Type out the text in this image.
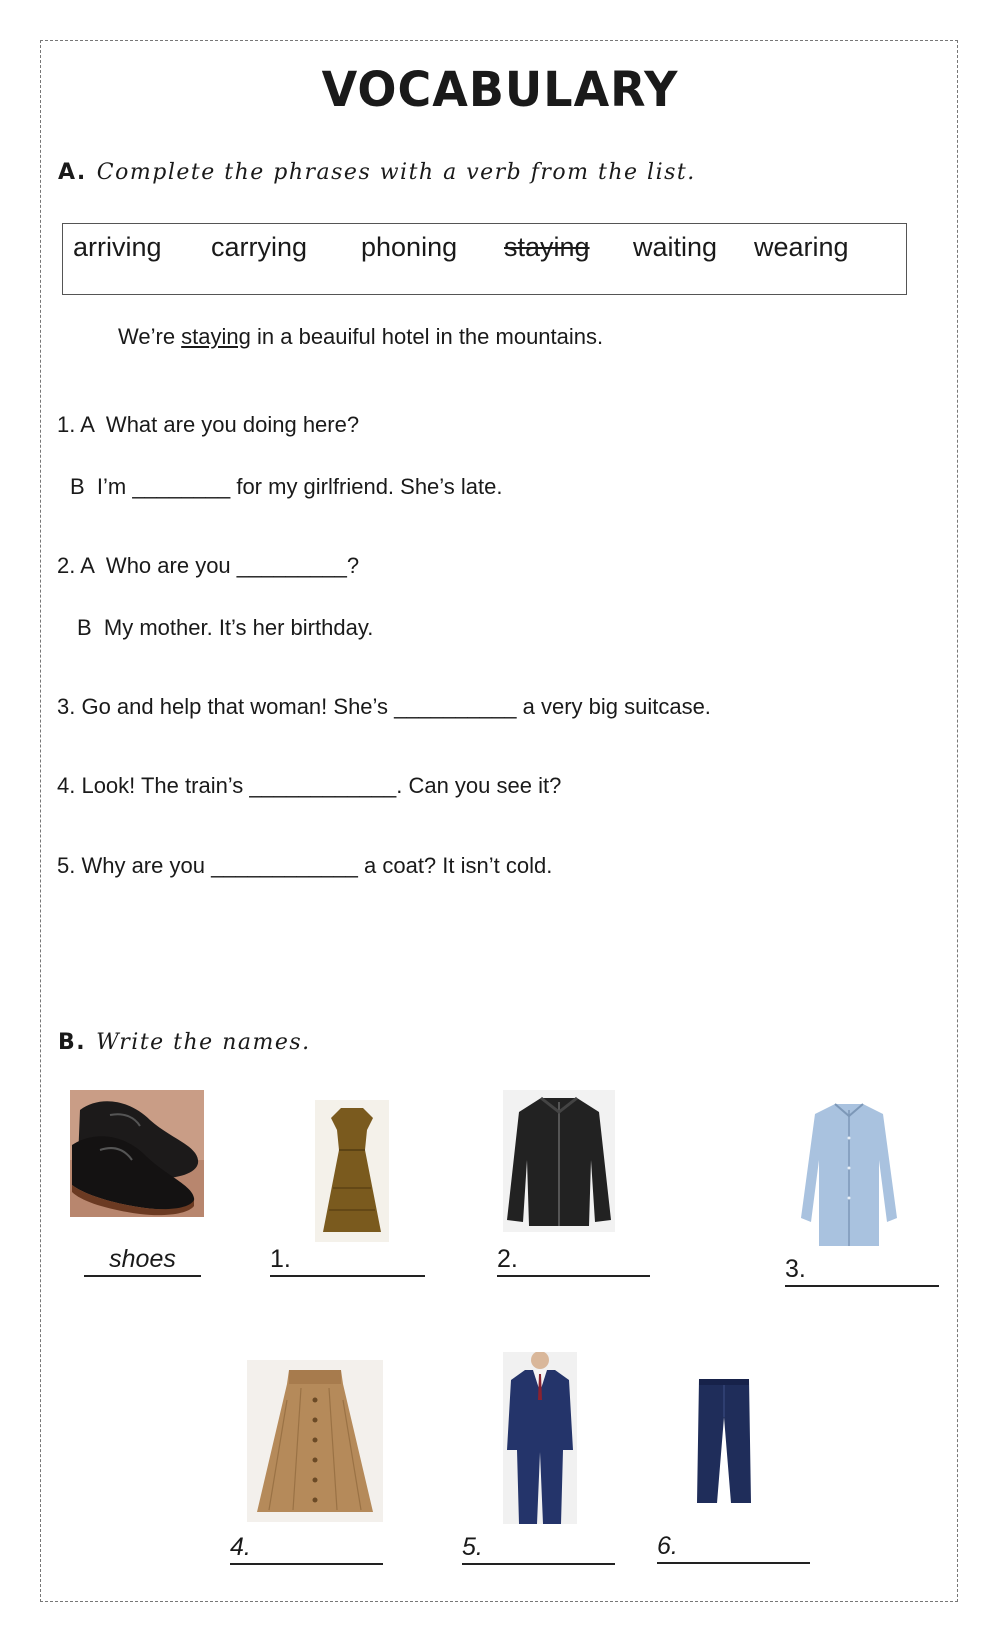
VOCABULARY
A. Complete the phrases with a verb from the list.
arriving carrying phoning staying waiting wearing
We’re staying in a beauiful hotel in the mountains.
1. A  What are you doing here?
B  I’m ________ for my girlfriend. She’s late.
2. A  Who are you _________?
B  My mother. It’s her birthday.
3. Go and help that woman! She’s __________ a very big suitcase.
4. Look! The train’s ____________. Can you see it?
5. Why are you ____________ a coat? It isn’t cold.
B. Write the names.
shoes	1.	2.	3.
4.	5.	6.
